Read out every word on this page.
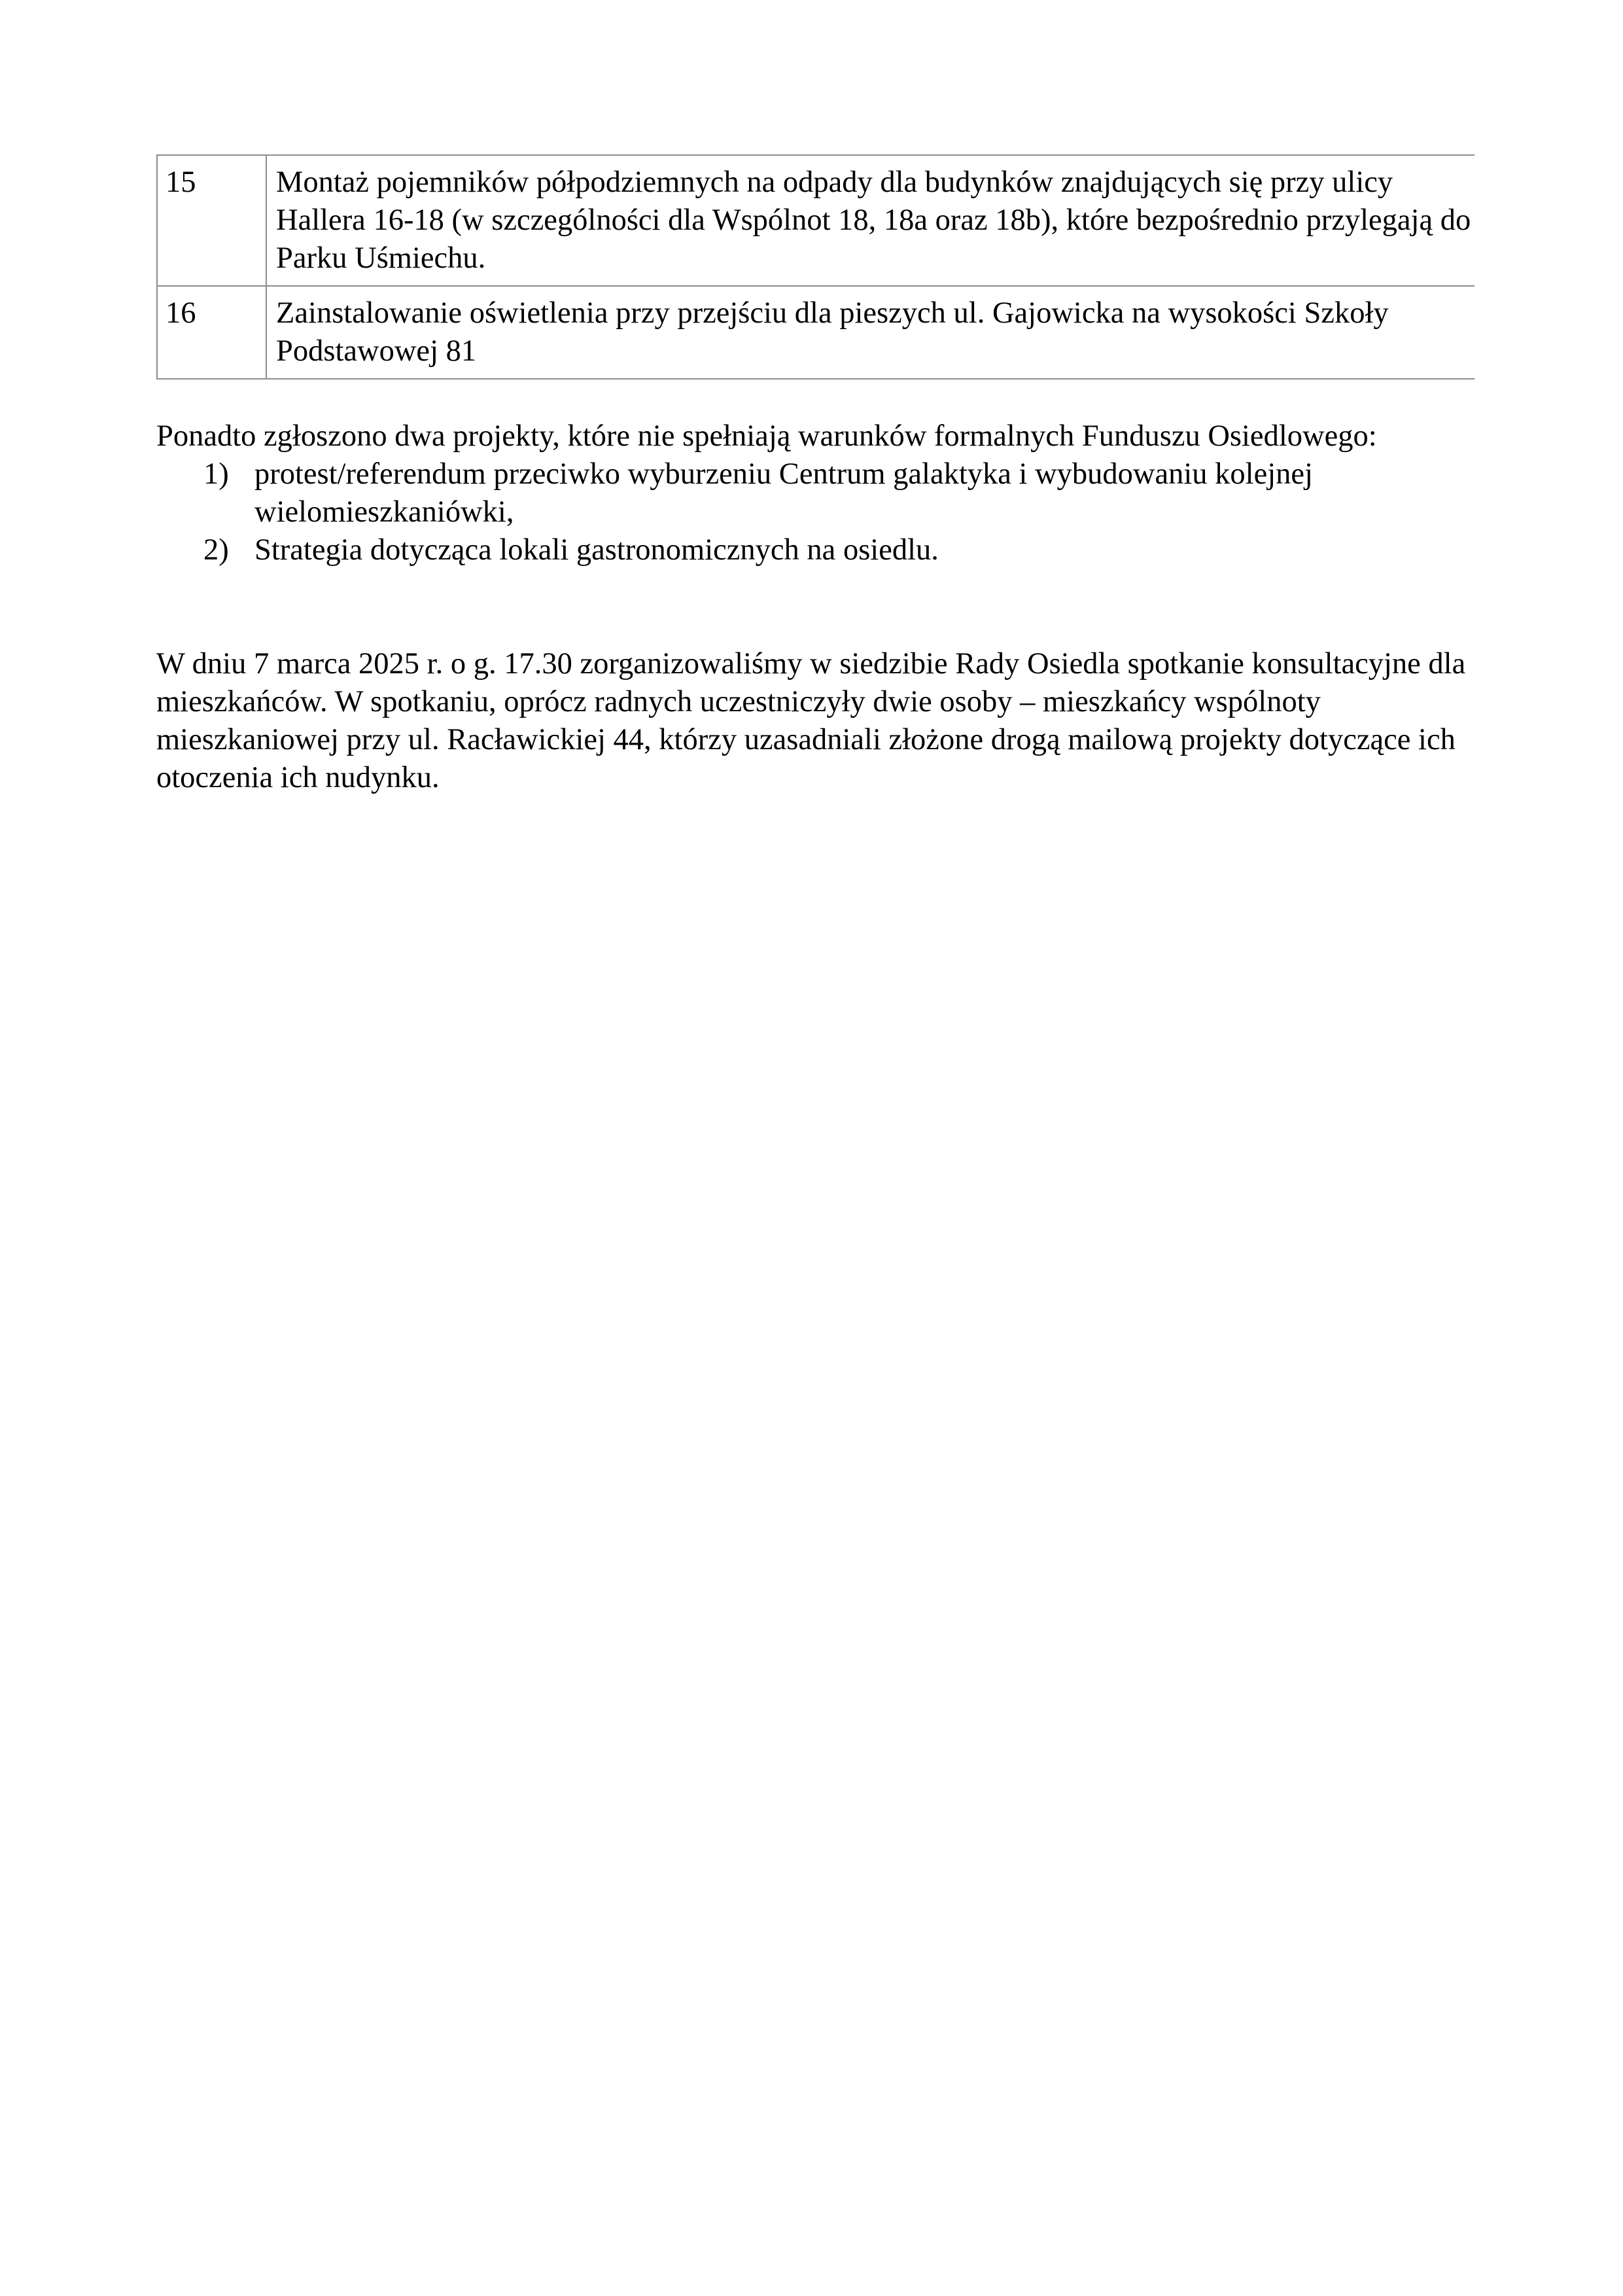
15	Montaż pojemników półpodziemnych na odpady dla budynków znajdujących się przy ulicy Hallera 16-18 (w szczególności dla Wspólnot 18, 18a oraz 18b), które bezpośrednio przylegają do Parku Uśmiechu.
16	Zainstalowanie oświetlenia przy przejściu dla pieszych ul. Gajowicka na wysokości Szkoły Podstawowej 81

Ponadto zgłoszono dwa projekty, które nie spełniają warunków formalnych Funduszu Osiedlowego:

1) protest/referendum przeciwko wyburzeniu Centrum galaktyka i wybudowaniu kolejnej wielomieszkaniówki,
2) Strategia dotycząca lokali gastronomicznych na osiedlu.

W dniu 7 marca 2025 r. o g. 17.30 zorganizowaliśmy w siedzibie Rady Osiedla spotkanie konsultacyjne dla mieszkańców. W spotkaniu, oprócz radnych uczestniczyły dwie osoby – mieszkańcy wspólnoty mieszkaniowej przy ul. Racławickiej 44, którzy uzasadniali złożone drogą mailową projekty dotyczące ich otoczenia ich nudynku.
